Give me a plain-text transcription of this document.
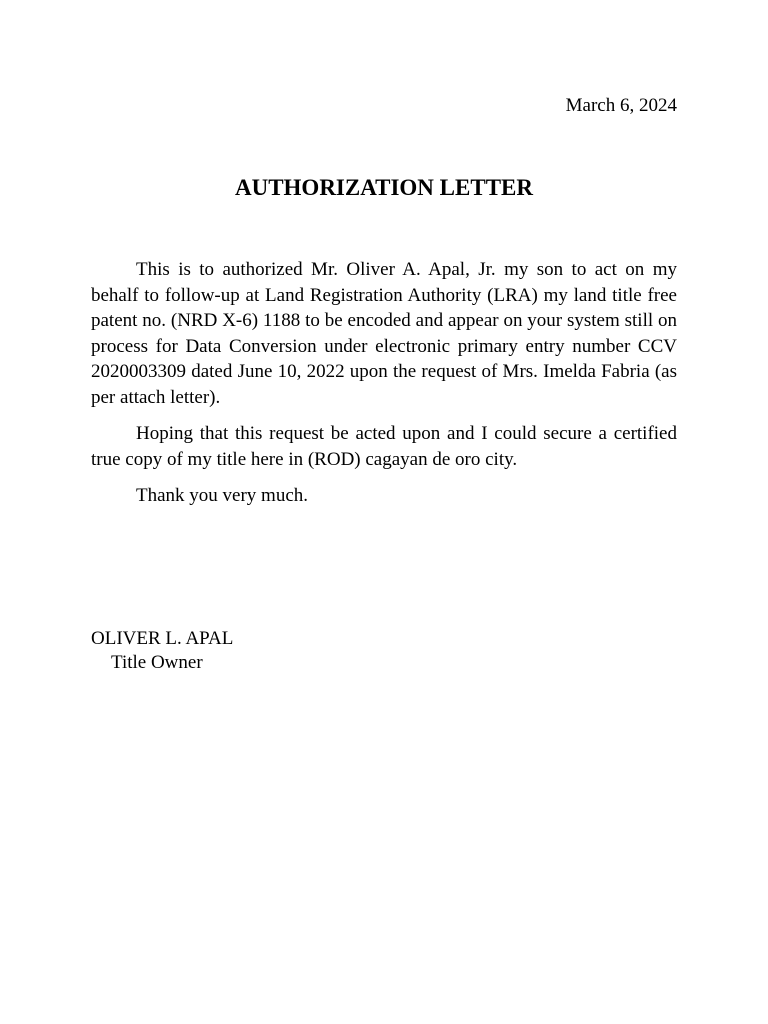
March 6, 2024
AUTHORIZATION LETTER

This is to authorized Mr. Oliver A. Apal, Jr. my son to act on my behalf to follow-up at Land Registration Authority (LRA) my land title free patent no. (NRD X-6) 1188 to be encoded and appear on your system still on process for Data Conversion under electronic primary entry number CCV 2020003309 dated June 10, 2022 upon the request of Mrs. Imelda Fabria (as per attach letter).

Hoping that this request be acted upon and I could secure a certified true copy of my title here in (ROD) cagayan de oro city.

Thank you very much.

OLIVER L. APAL
Title Owner
